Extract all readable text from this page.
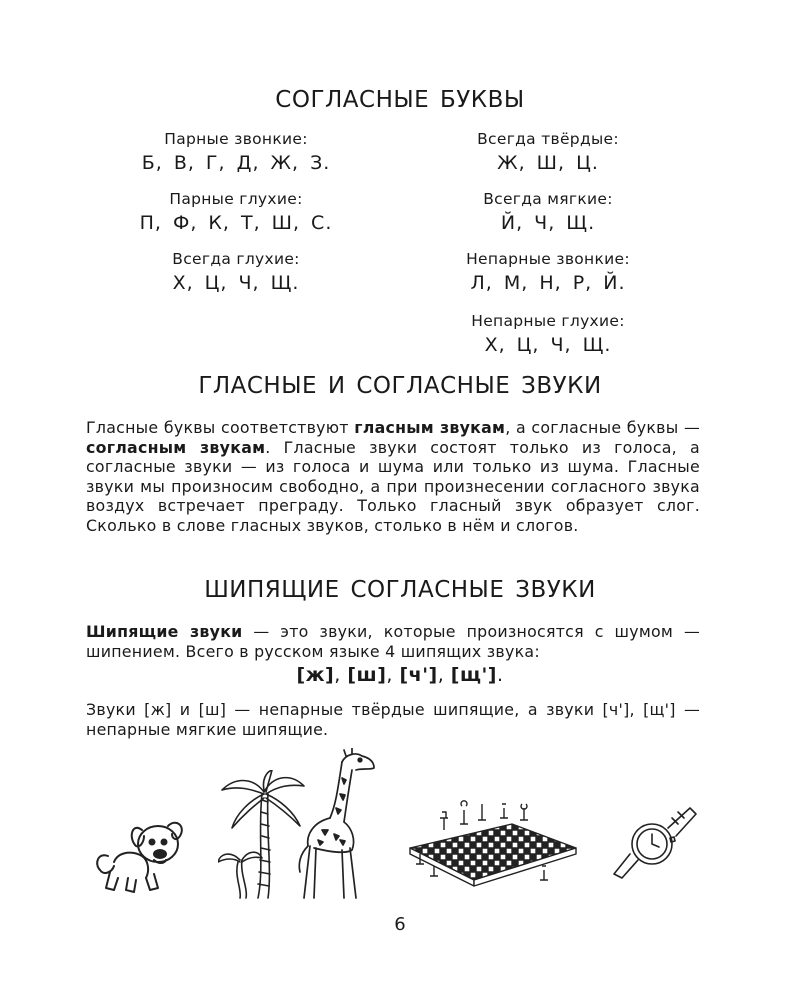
СОГЛАСНЫЕ БУКВЫ
Парные звонкие:
Б, В, Г, Д, Ж, З.
Парные глухие:
П, Ф, К, Т, Ш, С.
Всегда глухие:
Х, Ц, Ч, Щ.
Всегда твёрдые:
Ж, Ш, Ц.
Всегда мягкие:
Й, Ч, Щ.
Непарные звонкие:
Л, М, Н, Р, Й.
Непарные глухие:
Х, Ц, Ч, Щ.
ГЛАСНЫЕ И СОГЛАСНЫЕ ЗВУКИ
Гласные буквы соответствуют гласным звукам, а согласные буквы — согласным звукам. Гласные звуки состоят только из голоса, а согласные звуки — из голоса и шума или только из шума. Гласные звуки мы произносим свободно, а при произнесении согласного звука воздух встречает преграду. Только гласный звук образует слог. Сколько в слове гласных звуков, столько в нём и слогов.
ШИПЯЩИЕ СОГЛАСНЫЕ ЗВУКИ
Шипящие звуки — это звуки, которые произносятся с шумом — шипением. Всего в русском языке 4 шипящих звука:
[ж], [ш], [ч'], [щ'].
Звуки [ж] и [ш] — непарные твёрдые шипящие, а звуки [ч'], [щ'] — непарные мягкие шипящие.
6
